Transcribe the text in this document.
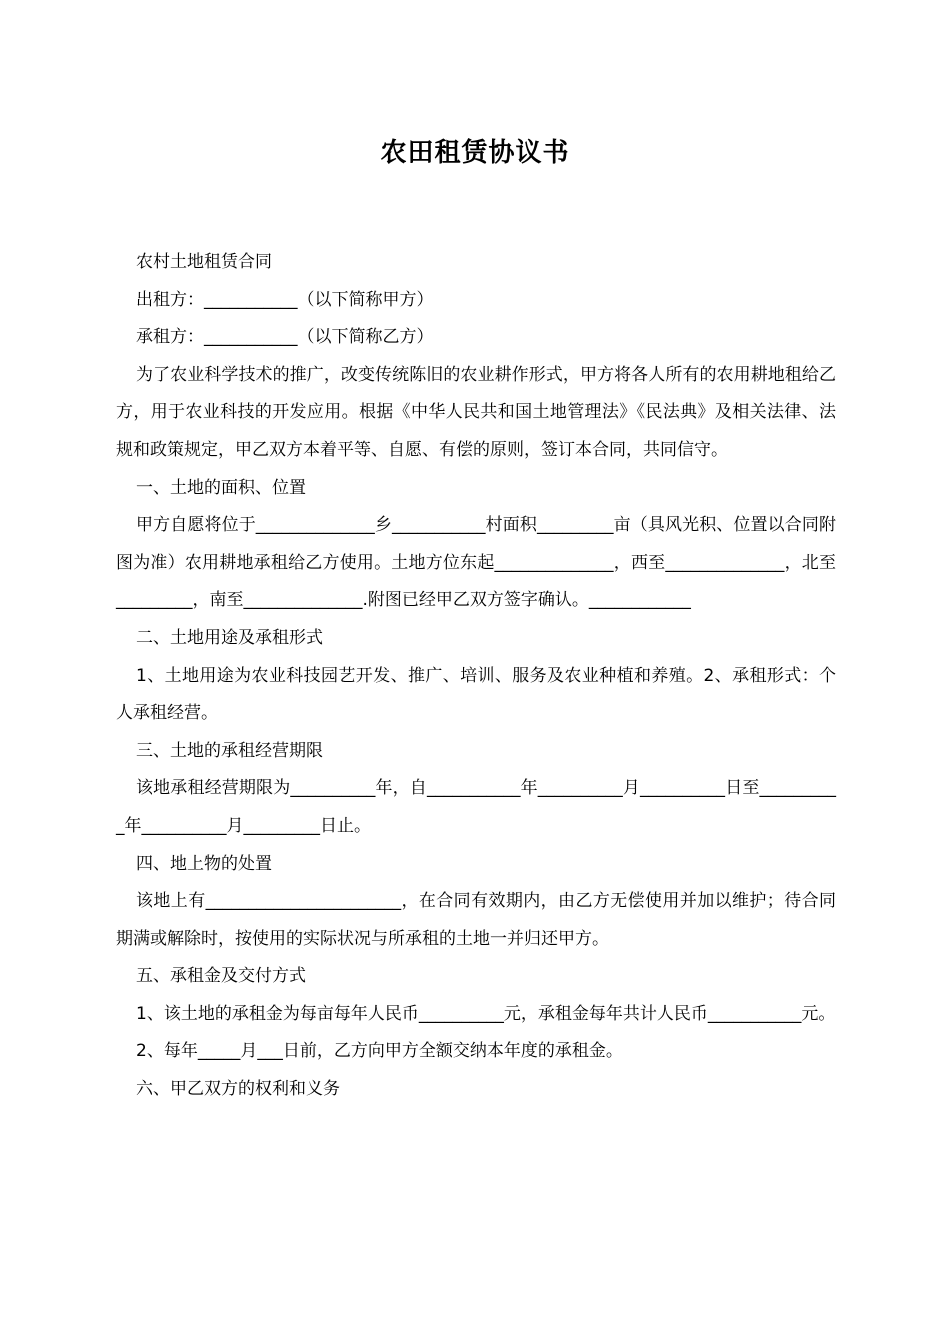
农田租赁协议书

农村土地租赁合同

出租方：___________（以下简称甲方）

承租方：___________（以下简称乙方）

为了农业科学技术的推广，改变传统陈旧的农业耕作形式，甲方将各人所有的农用耕地租给乙方，用于农业科技的开发应用。根据《中华人民共和国土地管理法》《民法典》及相关法律、法规和政策规定，甲乙双方本着平等、自愿、有偿的原则，签订本合同，共同信守。

一、土地的面积、位置

甲方自愿将位于______________乡___________村面积_________亩（具风光积、位置以合同附图为准）农用耕地承租给乙方使用。土地方位东起______________，西至______________，北至_________，南至______________.附图已经甲乙双方签字确认。____________

二、土地用途及承租形式

1、土地用途为农业科技园艺开发、推广、培训、服务及农业种植和养殖。2、承租形式：个人承租经营。

三、土地的承租经营期限

该地承租经营期限为__________年，自___________年__________月__________日至__________年__________月_________日止。

四、地上物的处置

该地上有_______________________，在合同有效期内，由乙方无偿使用并加以维护；待合同期满或解除时，按使用的实际状况与所承租的土地一并归还甲方。

五、承租金及交付方式

1、该土地的承租金为每亩每年人民币__________元，承租金每年共计人民币___________元。

2、每年_____月___日前，乙方向甲方全额交纳本年度的承租金。

六、甲乙双方的权利和义务
